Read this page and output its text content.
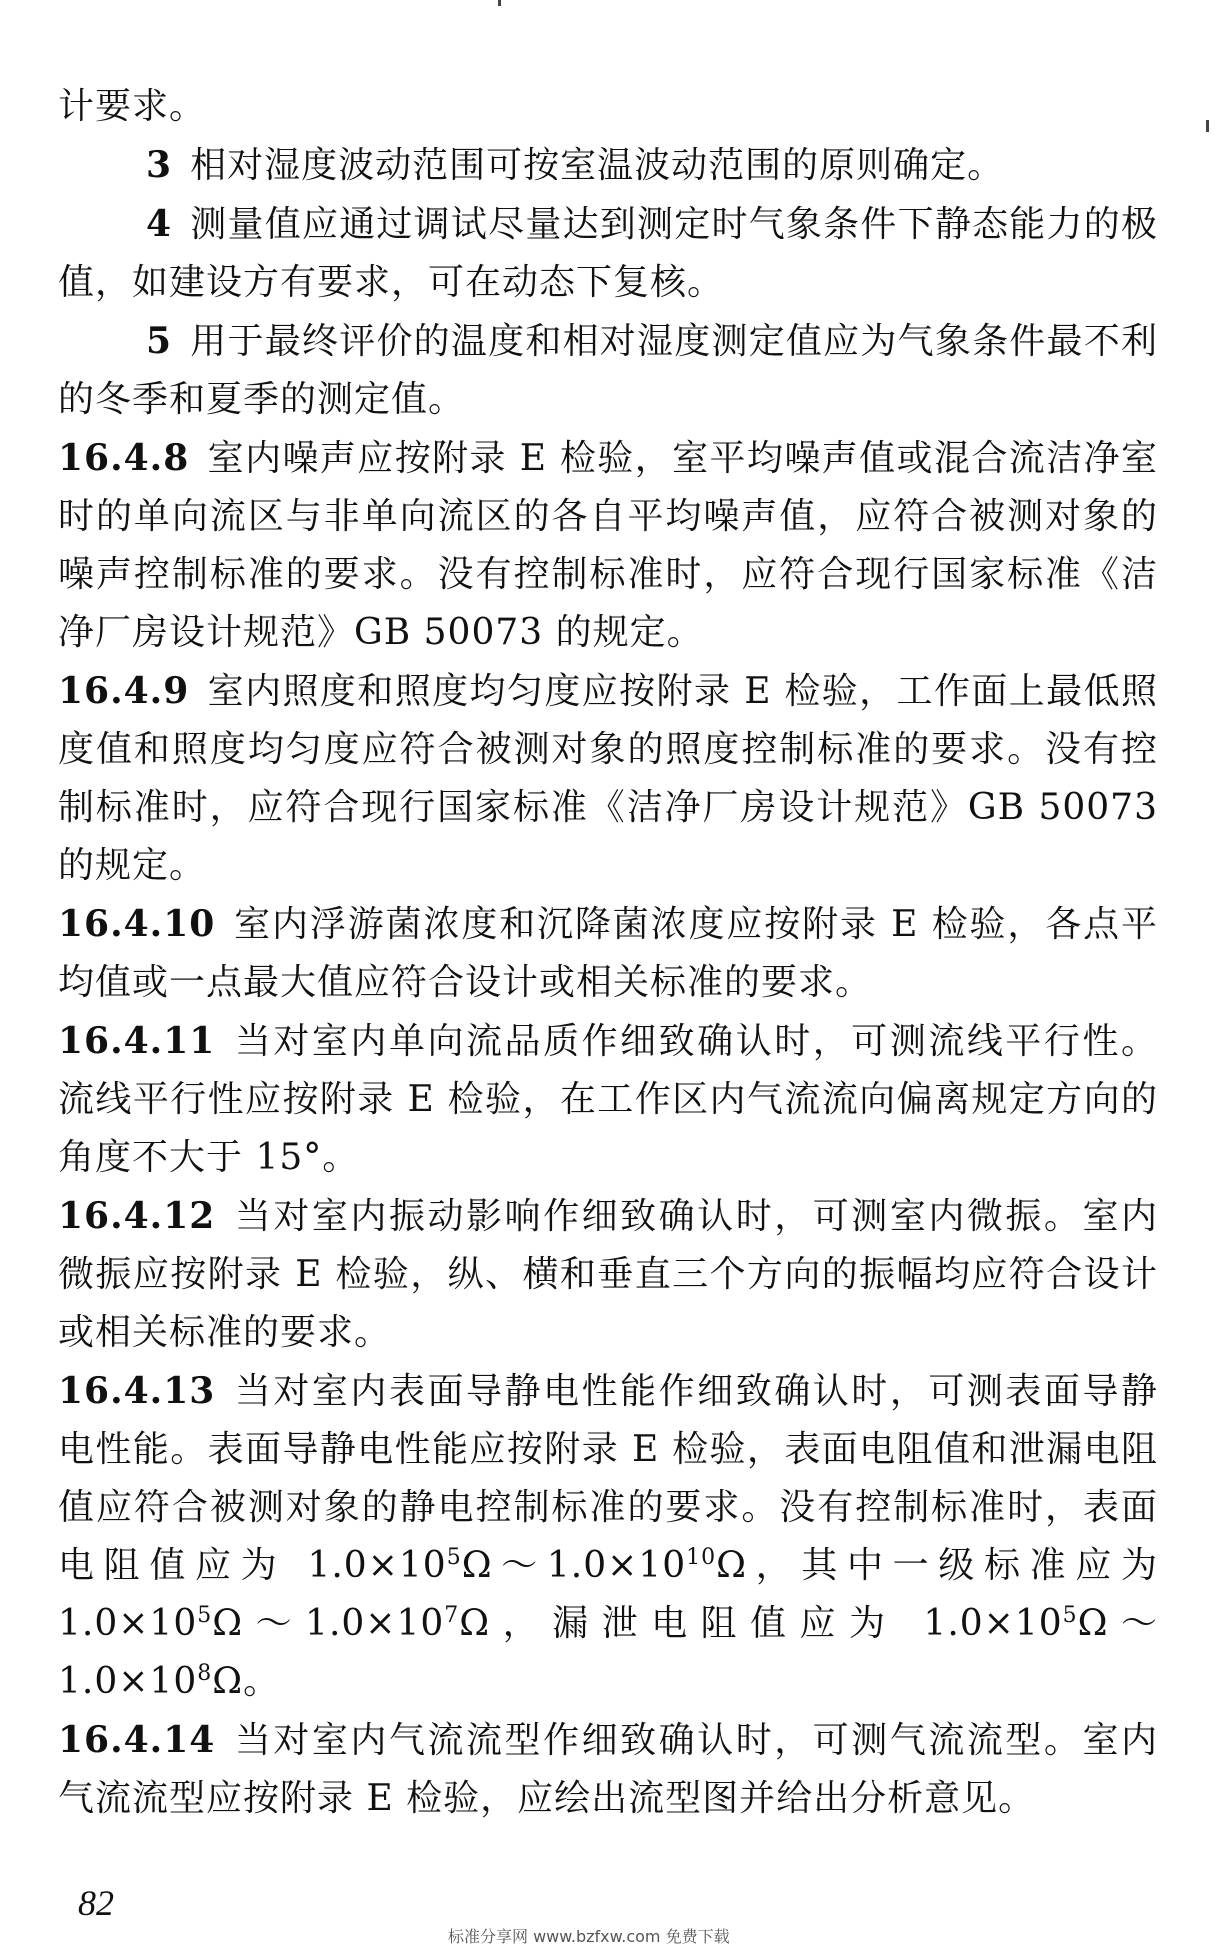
计要求。

3 相对湿度波动范围可按室温波动范围的原则确定。

4 测量值应通过调试尽量达到测定时气象条件下静态能力的极值，如建设方有要求，可在动态下复核。

5 用于最终评价的温度和相对湿度测定值应为气象条件最不利的冬季和夏季的测定值。

16.4.8 室内噪声应按附录 E 检验，室平均噪声值或混合流洁净室时的单向流区与非单向流区的各自平均噪声值，应符合被测对象的噪声控制标准的要求。没有控制标准时，应符合现行国家标准《洁净厂房设计规范》GB 50073 的规定。

16.4.9 室内照度和照度均匀度应按附录 E 检验，工作面上最低照度值和照度均匀度应符合被测对象的照度控制标准的要求。没有控制标准时，应符合现行国家标准《洁净厂房设计规范》GB 50073 的规定。

16.4.10 室内浮游菌浓度和沉降菌浓度应按附录 E 检验，各点平均值或一点最大值应符合设计或相关标准的要求。

16.4.11 当对室内单向流品质作细致确认时，可测流线平行性。流线平行性应按附录 E 检验，在工作区内气流流向偏离规定方向的角度不大于 15°。

16.4.12 当对室内振动影响作细致确认时，可测室内微振。室内微振应按附录 E 检验，纵、横和垂直三个方向的振幅均应符合设计或相关标准的要求。

16.4.13 当对室内表面导静电性能作细致确认时，可测表面导静电性能。表面导静电性能应按附录 E 检验，表面电阻值和泄漏电阻值应符合被测对象的静电控制标准的要求。没有控制标准时，表面电阻值应为 $1.0\times 10^5\Omega\sim 1.0\times 10^{10}\Omega$，其中一级标准应为 $1.0\times 10^5\Omega\sim 1.0\times 10^7\Omega$，漏泄电阻值应为 $1.0\times 10^5\Omega\sim 1.0\times 10^8\Omega$。

16.4.14 当对室内气流流型作细致确认时，可测气流流型。室内气流流型应按附录 E 检验，应绘出流型图并给出分析意见。

82
标准分享网 www.bzfxw.com 免费下载
